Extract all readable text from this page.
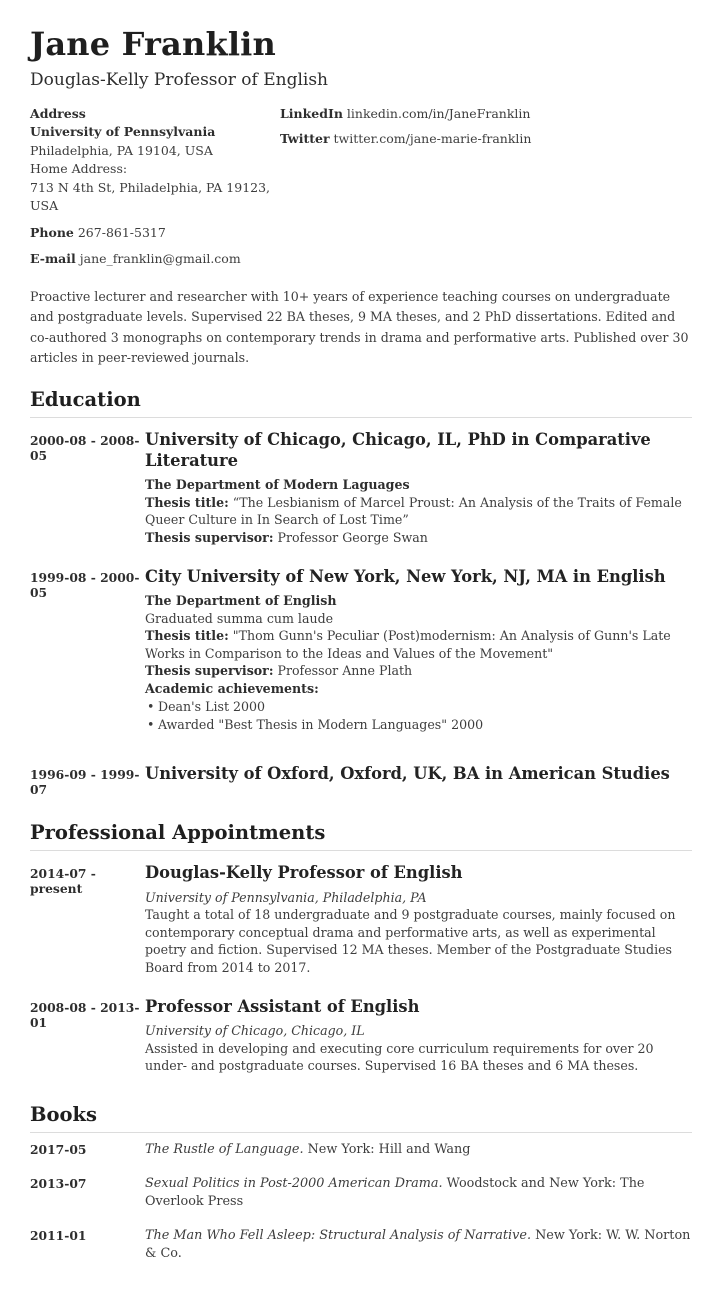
Jane Franklin
Douglas-Kelly Professor of English
Address
University of Pennsylvania
Philadelphia, PA 19104, USA
Home Address:
713 N 4th St, Philadelphia, PA 19123, USA
Phone 267-861-5317
E-mail jane_franklin@gmail.com
LinkedIn linkedin.com/in/JaneFranklin
Twitter twitter.com/jane-marie-franklin

Proactive lecturer and researcher with 10+ years of experience teaching courses on undergraduate and postgraduate levels. Supervised 22 BA theses, 9 MA theses, and 2 PhD dissertations. Edited and co-authored 3 monographs on contemporary trends in drama and performative arts. Published over 30 articles in peer-reviewed journals.

Education
2000-08 - 2008-05
University of Chicago, Chicago, IL, PhD in Comparative Literature
The Department of Modern Laguages
Thesis title: “The Lesbianism of Marcel Proust: An Analysis of the Traits of Female Queer Culture in In Search of Lost Time”
Thesis supervisor: Professor George Swan
1999-08 - 2000-05
City University of New York, New York, NJ, MA in English
The Department of English
Graduated summa cum laude
Thesis title: "Thom Gunn's Peculiar (Post)modernism: An Analysis of Gunn's Late Works in Comparison to the Ideas and Values of the Movement"
Thesis supervisor: Professor Anne Plath
Academic achievements:
• Dean's List 2000
• Awarded "Best Thesis in Modern Languages" 2000
1996-09 - 1999-07
University of Oxford, Oxford, UK, BA in American Studies
Professional Appointments
2014-07 - present
Douglas-Kelly Professor of English
University of Pennsylvania, Philadelphia, PA
Taught a total of 18 undergraduate and 9 postgraduate courses, mainly focused on contemporary conceptual drama and performative arts, as well as experimental poetry and fiction. Supervised 12 MA theses. Member of the Postgraduate Studies Board from 2014 to 2017.
2008-08 - 2013-01
Professor Assistant of English
University of Chicago, Chicago, IL
Assisted in developing and executing core curriculum requirements for over 20 under- and postgraduate courses. Supervised 16 BA theses and 6 MA theses.
Books
2017-05	The Rustle of Language. New York: Hill and Wang
2013-07	Sexual Politics in Post-2000 American Drama. Woodstock and New York: The Overlook Press
2011-01	The Man Who Fell Asleep: Structural Analysis of Narrative. New York: W. W. Norton & Co.
